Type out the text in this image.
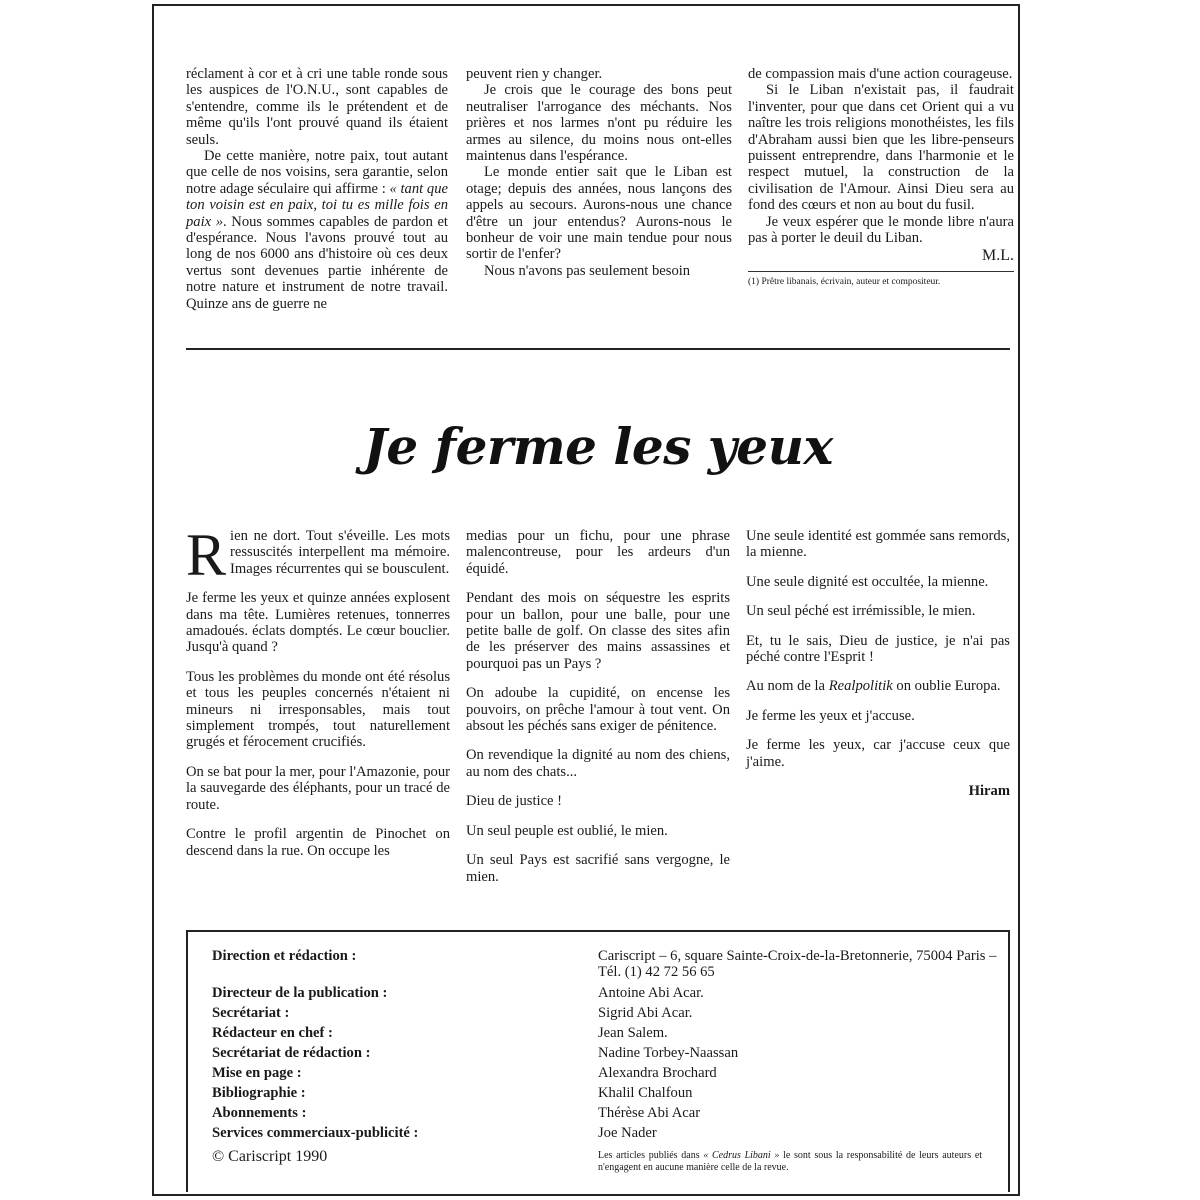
réclament à cor et à cri une table ronde sous les auspices de l'O.N.U., sont capables de s'entendre, comme ils le prétendent et de même qu'ils l'ont prouvé quand ils étaient seuls.

De cette manière, notre paix, tout autant que celle de nos voisins, sera garantie, selon notre adage séculaire qui affirme : « tant que ton voisin est en paix, toi tu es mille fois en paix ». Nous sommes capables de pardon et d'espérance. Nous l'avons prouvé tout au long de nos 6000 ans d'histoire où ces deux vertus sont devenues partie inhérente de notre nature et instrument de notre travail. Quinze ans de guerre ne

peuvent rien y changer.

Je crois que le courage des bons peut neutraliser l'arrogance des méchants. Nos prières et nos larmes n'ont pu réduire les armes au silence, du moins nous ont-elles maintenus dans l'espérance.

Le monde entier sait que le Liban est otage; depuis des années, nous lançons des appels au secours. Aurons-nous une chance d'être un jour entendus? Aurons-nous le bonheur de voir une main tendue pour nous sortir de l'enfer?

Nous n'avons pas seulement besoin

de compassion mais d'une action courageuse.

Si le Liban n'existait pas, il faudrait l'inventer, pour que dans cet Orient qui a vu naître les trois religions monothéistes, les fils d'Abraham aussi bien que les libre-penseurs puissent entreprendre, dans l'harmonie et le respect mutuel, la construction de la civilisation de l'Amour. Ainsi Dieu sera au fond des cœurs et non au bout du fusil.

Je veux espérer que le monde libre n'aura pas à porter le deuil du Liban.

M.L.
(1) Prêtre libanais, écrivain, auteur et compositeur.
Je ferme les yeux

Rien ne dort. Tout s'éveille. Les mots ressuscités interpellent ma mémoire. Images récurrentes qui se bousculent.

Je ferme les yeux et quinze années explosent dans ma tête. Lumières retenues, tonnerres amadoués. éclats domptés. Le cœur bouclier. Jusqu'à quand ?

Tous les problèmes du monde ont été résolus et tous les peuples concernés n'étaient ni mineurs ni irresponsables, mais tout simplement trompés, tout naturellement grugés et férocement crucifiés.

On se bat pour la mer, pour l'Amazonie, pour la sauvegarde des éléphants, pour un tracé de route.

Contre le profil argentin de Pinochet on descend dans la rue. On occupe les

medias pour un fichu, pour une phrase malencontreuse, pour les ardeurs d'un équidé.

Pendant des mois on séquestre les esprits pour un ballon, pour une balle, pour une petite balle de golf. On classe des sites afin de les préserver des mains assassines et pourquoi pas un Pays ?

On adoube la cupidité, on encense les pouvoirs, on prêche l'amour à tout vent. On absout les péchés sans exiger de pénitence.

On revendique la dignité au nom des chiens, au nom des chats...

Dieu de justice !

Un seul peuple est oublié, le mien.

Un seul Pays est sacrifié sans vergogne, le mien.

Une seule identité est gommée sans remords, la mienne.

Une seule dignité est occultée, la mienne.

Un seul péché est irrémissible, le mien.

Et, tu le sais, Dieu de justice, je n'ai pas péché contre l'Esprit !

Au nom de la Realpolitik on oublie Europa.

Je ferme les yeux et j'accuse.

Je ferme les yeux, car j'accuse ceux que j'aime.

Hiram
Direction et rédaction :	Cariscript – 6, square Sainte-Croix-de-la-Bretonnerie, 75004 Paris – Tél. (1) 42 72 56 65
Directeur de la publication :	Antoine Abi Acar.
Secrétariat :	Sigrid Abi Acar.
Rédacteur en chef :	Jean Salem.
Secrétariat de rédaction :	Nadine Torbey-Naassan
Mise en page :	Alexandra Brochard
Bibliographie :	Khalil Chalfoun
Abonnements :	Thérèse Abi Acar
Services commerciaux-publicité :	Joe Nader
© Cariscript 1990	Les articles publiés dans « Cedrus Libani » le sont sous la responsabilité de leurs auteurs et n'engagent en aucune manière celle de la revue.
